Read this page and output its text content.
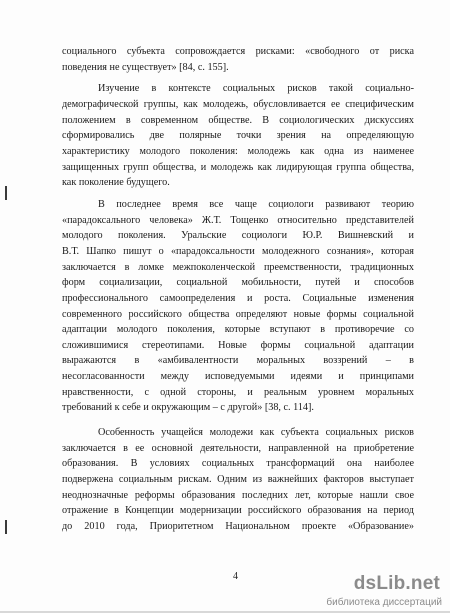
социального субъекта сопровождается рисками: «свободного от риска
поведения не существует» [84, с. 155].
Изучение в контексте социальных рисков такой социально-
демографической группы, как молодежь, обусловливается ее специфическим
положением в современном обществе. В социологических дискуссиях
сформировались две полярные точки зрения на определяющую
характеристику молодого поколения: молодежь как одна из наименее
защищенных групп общества, и молодежь как лидирующая группа общества,
как поколение будущего.
В последнее время все чаще социологи развивают теорию
«парадоксального человека» Ж.Т. Тощенко относительно представителей
молодого поколения. Уральские социологи Ю.Р. Вишневский и
В.Т. Шапко пишут о «парадоксальности молодежного сознания», которая
заключается в ломке межпоколенческой преемственности, традиционных
форм социализации, социальной мобильности, путей и способов
профессионального самоопределения и роста. Социальные изменения
современного российского общества определяют новые формы социальной
адаптации молодого поколения, которые вступают в противоречие со
сложившимися стереотипами. Новые формы социальной адаптации
выражаются в «амбивалентности моральных воззрений – в
несогласованности между исповедуемыми идеями и принципами
нравственности, с одной стороны, и реальным уровнем моральных
требований к себе и окружающим – с другой» [38, с. 114].
Особенность учащейся молодежи как субъекта социальных рисков
заключается в ее основной деятельности, направленной на приобретение
образования. В условиях социальных трансформаций она наиболее
подвержена социальным рискам. Одним из важнейших факторов выступает
неоднозначные реформы образования последних лет, которые нашли свое
отражение в Концепции модернизации российского образования на период
до 2010 года, Приоритетном Национальном проекте «Образование»
4	dsLib.net
библиотека диссертаций
